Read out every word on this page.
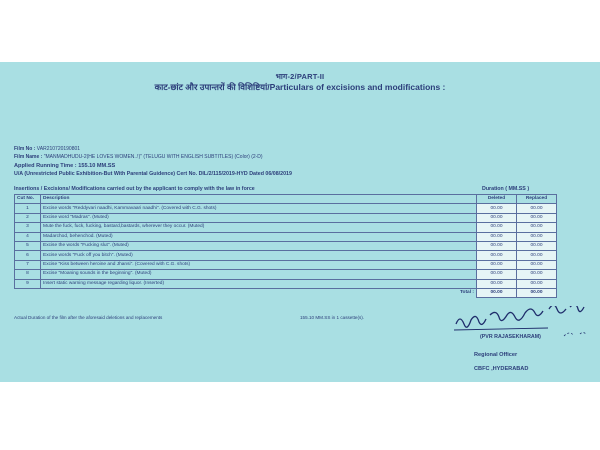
भाग-2/PART-II
काट-छांट और उपान्तरों की विशिष्टियां/Particulars of excisions and modifications :
Film No : VAR210720190801
Film Name : "MANMADHUDU-2(HE LOVES WOMEN..!)" (TELUGU WITH ENGLISH SUBTITLES) (Color) (2-D)
Applied Running Time : 155.10 MM.SS
U/A (Unrestricted Public Exhibition-But With Parental Guidence) Cert No. DIL/2/115/2019-HYD Dated 06/08/2019
Insertions / Excisions/ Modifications carried out by the applicant to comply with the law in force	Duration ( MM.SS )
Cut No.	Description	Deleted	Replaced
1	Excise words "Reddyvari naadhi, Kammavaari naadhi". (Covered with C.G. shots)	00.00	00.00
2	Excise word "Madras". (Muted)	00.00	00.00
3	Mute the fuck, fuck, fucking, bastard,bastards, wherever they occur. (Muted)	00.00	00.00
4	Madarchod, behenchod. (Muted)	00.00	00.00
5	Excise the words "Fucking slut". (Muted)	00.00	00.00
6	Excise words "Fuck off you bitch". (Muted)	00.00	00.00
7	Excise "Kiss between heroine and Jhansi". (Covered with C.G. shots)	00.00	00.00
8	Excise "Moaning sounds in the beginning". (Muted)	00.00	00.00
9	Insert static warning message regarding liquor. (Inserted)	00.00	00.00
	Total :	00.00	00.00
Actual Duration of the film after the aforesaid deletions and replacements	155.10 MM.SS in 1 cassette(s).
(PVR RAJASEKHARAM)
Regional Officer
CBFC ,HYDERABAD
